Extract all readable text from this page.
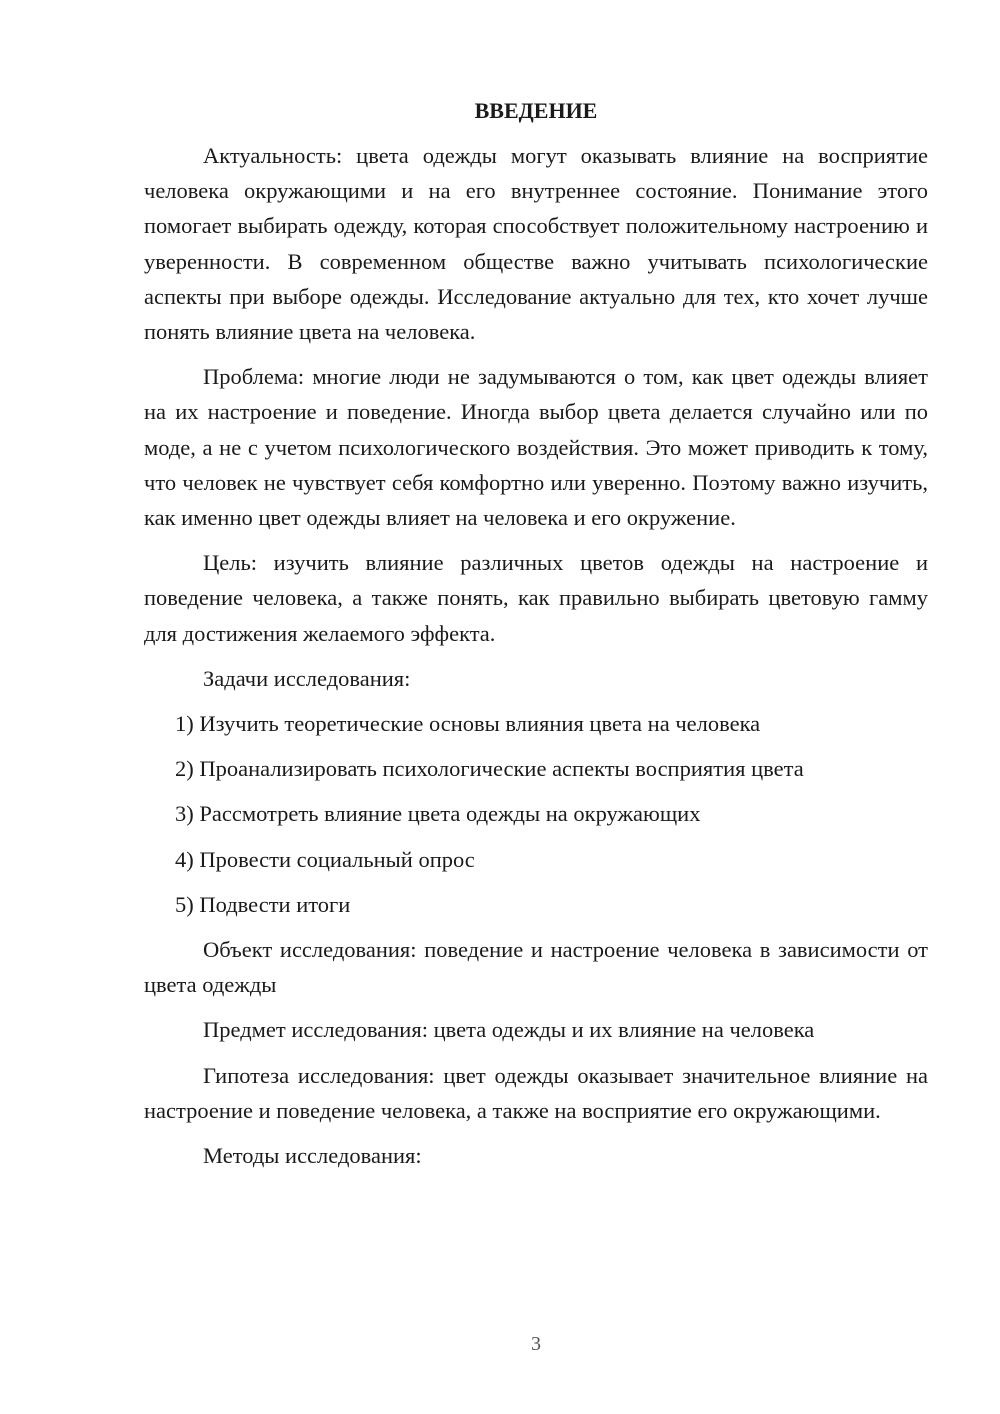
ВВЕДЕНИЕ

Актуальность: цвета одежды могут оказывать влияние на восприятие человека окружающими и на его внутреннее состояние. Понимание этого помогает выбирать одежду, которая способствует положительному настроению и уверенности. В современном обществе важно учитывать психологические аспекты при выборе одежды. Исследование актуально для тех, кто хочет лучше понять влияние цвета на человека.

Проблема: многие люди не задумываются о том, как цвет одежды влияет на их настроение и поведение. Иногда выбор цвета делается случайно или по моде, а не с учетом психологического воздействия. Это может приводить к тому, что человек не чувствует себя комфортно или уверенно. Поэтому важно изучить, как именно цвет одежды влияет на человека и его окружение.

Цель: изучить влияние различных цветов одежды на настроение и поведение человека, а также понять, как правильно выбирать цветовую гамму для достижения желаемого эффекта.

Задачи исследования:

1) Изучить теоретические основы влияния цвета на человека
2) Проанализировать психологические аспекты восприятия цвета
3) Рассмотреть влияние цвета одежды на окружающих
4) Провести социальный опрос
5) Подвести итоги

Объект исследования: поведение и настроение человека в зависимости от цвета одежды

Предмет исследования: цвета одежды и их влияние на человека

Гипотеза исследования: цвет одежды оказывает значительное влияние на настроение и поведение человека, а также на восприятие его окружающими.

Методы исследования:

3
